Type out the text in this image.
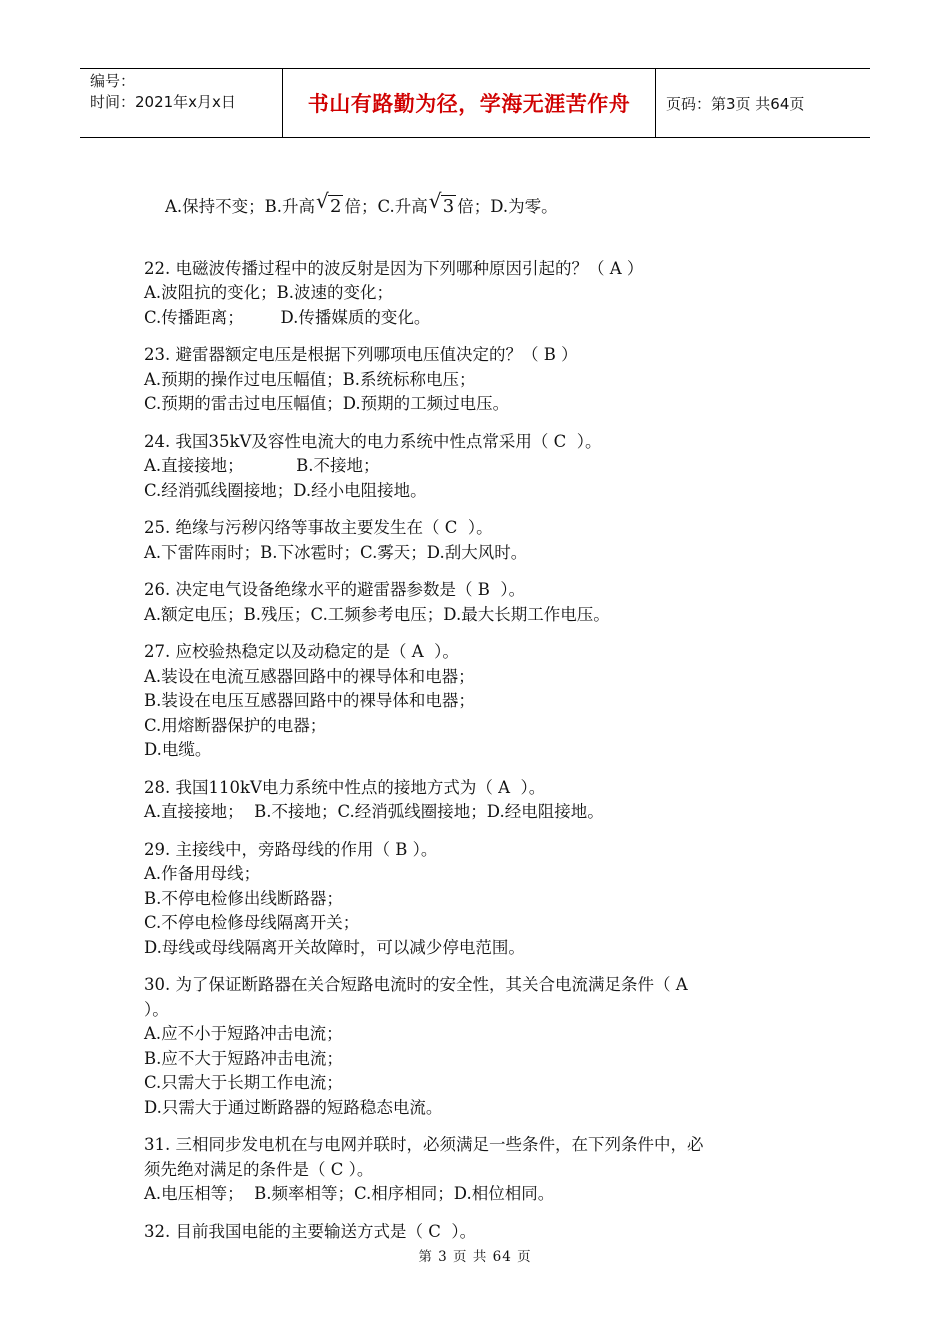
编号：
时间：2021年x月x日	书山有路勤为径，学海无涯苦作舟	页码：第3页 共64页

A.保持不变；B.升高 √ 2 倍；C.升高 √ 3 倍；D.为零。

22. 电磁波传播过程中的波反射是因为下列哪种原因引起的？（ A ）
A.波阻抗的变化；B.波速的变化；
C.传播距离；       D.传播媒质的变化。
23. 避雷器额定电压是根据下列哪项电压值决定的？（ B ）
A.预期的操作过电压幅值；B.系统标称电压；
C.预期的雷击过电压幅值；D.预期的工频过电压。
24. 我国35kV及容性电流大的电力系统中性点常采用（ C  ）。
A.直接接地；          B.不接地；
C.经消弧线圈接地；D.经小电阻接地。
25. 绝缘与污秽闪络等事故主要发生在（ C  ）。
A.下雷阵雨时；B.下冰雹时；C.雾天；D.刮大风时。
26. 决定电气设备绝缘水平的避雷器参数是（ B  ）。
A.额定电压；B.残压；C.工频参考电压；D.最大长期工作电压。
27. 应校验热稳定以及动稳定的是（ A  ）。
A.装设在电流互感器回路中的裸导体和电器；
B.装设在电压互感器回路中的裸导体和电器；
C.用熔断器保护的电器；
D.电缆。
28. 我国110kV电力系统中性点的接地方式为（ A  ）。
A.直接接地；  B.不接地；C.经消弧线圈接地；D.经电阻接地。
29. 主接线中，旁路母线的作用（ B ）。
A.作备用母线；
B.不停电检修出线断路器；
C.不停电检修母线隔离开关；
D.母线或母线隔离开关故障时，可以减少停电范围。
30. 为了保证断路器在关合短路电流时的安全性，其关合电流满足条件（ A
）。
A.应不小于短路冲击电流；
B.应不大于短路冲击电流；
C.只需大于长期工作电流；
D.只需大于通过断路器的短路稳态电流。
31. 三相同步发电机在与电网并联时，必须满足一些条件，在下列条件中，必
须先绝对满足的条件是（ C ）。
A.电压相等；  B.频率相等；C.相序相同；D.相位相同。
32. 目前我国电能的主要输送方式是（ C  ）。
第 3 页 共 64 页
